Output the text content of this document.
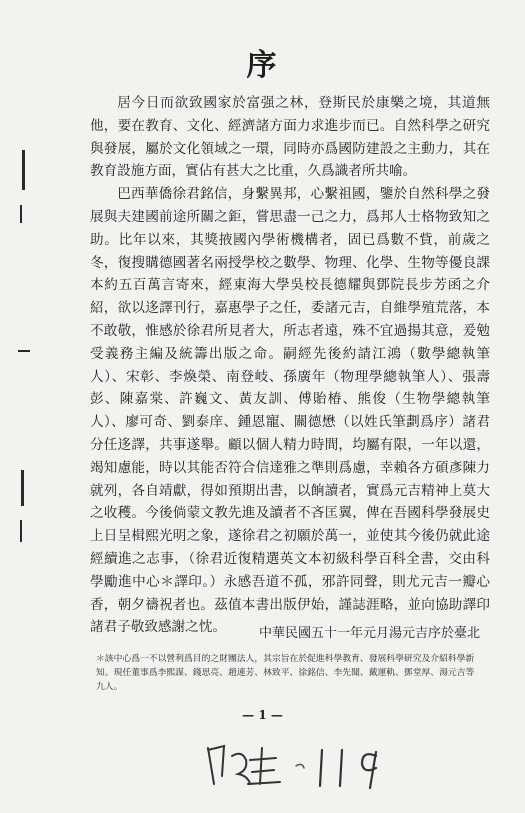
序

居今日而欲致國家於富强之林，登斯民於康樂之境，其道無他，要在教育、文化、經濟諸方面力求進步而已。自然科學之研究與發展，屬於文化領域之一環，同時亦爲國防建設之主動力，其在教育設施方面，實佔有甚大之比重，久爲識者所共喻。

巴西華僑徐君銘信，身繫異邦，心繫祖國，鑒於自然科學之發展與夫建國前途所關之鉅，嘗思盡一己之力，爲邦人士格物致知之助。比年以來，其獎掖國內學術機構者，固已爲數不貲，前歲之冬，復搜購德國著名兩授學校之數學、物理、化學、生物等優良課本約五百萬言寄來，經東海大學吳校長德耀與鄧院長步芳函之介紹，欲以迻譯刊行，嘉惠學子之任，委諸元吉，自維學殖荒落，本不敢敬，惟感於徐君所見者大，所志者遠，殊不宜過揚其意，爰勉受義務主編及統籌出版之命。嗣經先後約請江鴻（數學總執筆人）、宋彰、李煥榮、南登岐、孫廣年（物理學總執筆人）、張壽彭、陳嘉棠、許巍文、黃友訓、傅貽椿、熊俊（生物學總執筆人）、廖可奇、劉泰庠、鍾恩寵、關德懋（以姓氏筆劃爲序）諸君分任迻譯，共事遂舉。顧以個人精力時間，均屬有限，一年以還，竭知慮能，時以其能否符合信達雅之準則爲慮，幸賴各方碩彥陳力就列，各自靖獻，得如預期出書，以餉讀者，實爲元吉精神上莫大之收穫。今後倘蒙文教先進及讀者不吝匡翼，俾在吾國科學發展史上日呈楫熙光明之象，遂徐君之初願於萬一，並使其今後仍就此途經續進之志事，（徐君近復精選英文本初級科學百科全書，交由科學勵進中心＊譯印。）永感吾道不孤，邪許同聲，則尤元吉一瓣心香，朝夕禱祝者也。茲值本書出版伊始，謹誌涯略，並向協助譯印諸君子敬致感謝之忱。	中華民國五十一年元月湯元吉序於臺北
＊該中心爲一不以營利爲目的之財團法人，其宗旨在於促進科學教育、發展科學研究及介紹科學新知。現任董事爲李熙謀、錢思亮、趙連芳、林致平、徐銘信、李先聞、戴運軌、鄧堂厚、湯元吉等九人。
— 1 —
